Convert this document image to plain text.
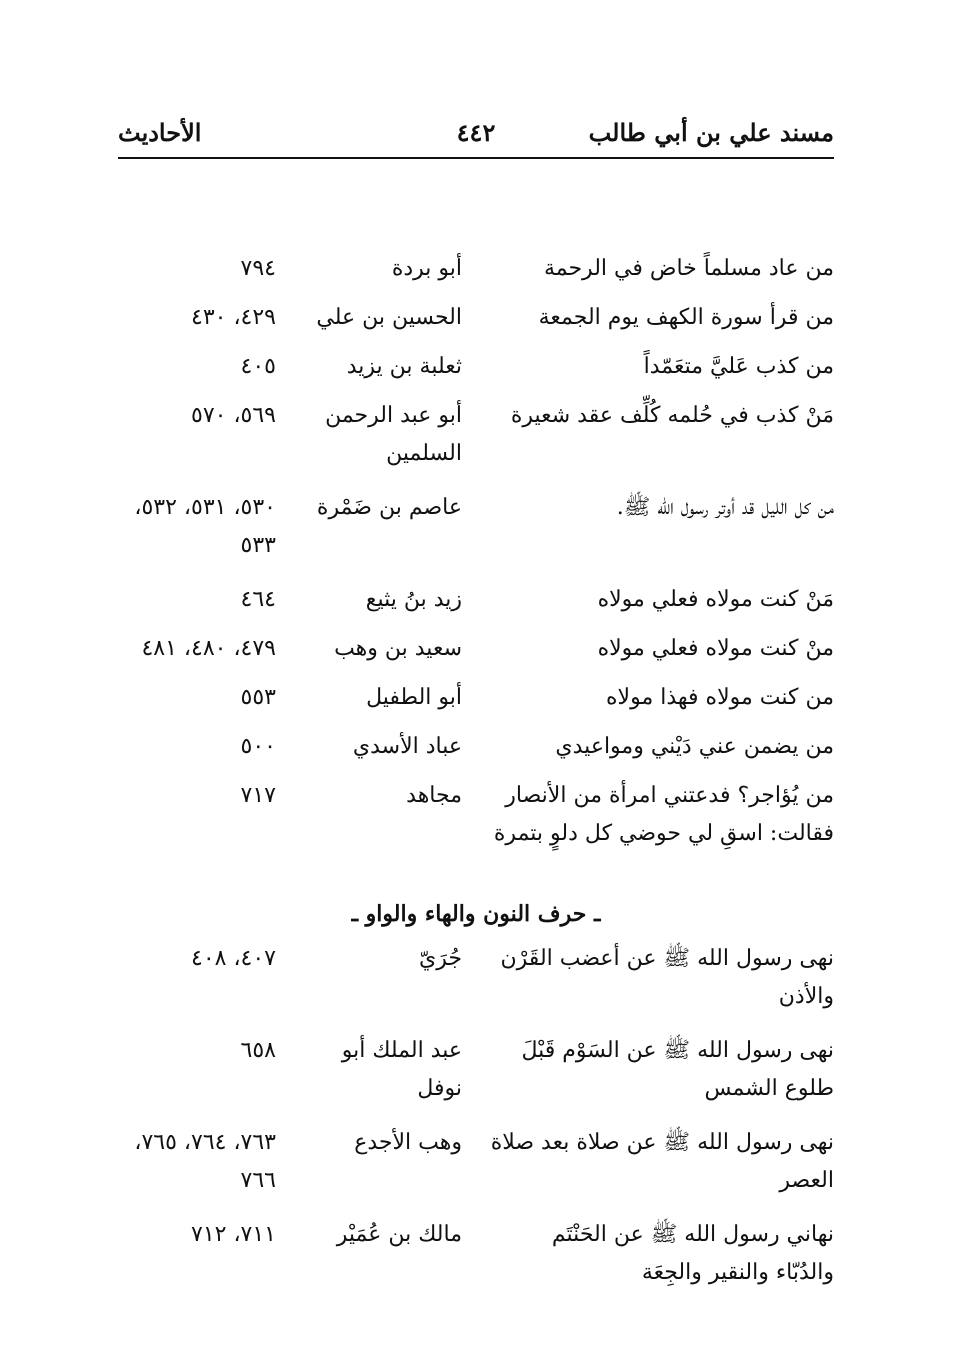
مسند علي بن أبي طالب
٤٤٢
الأحاديث
من عاد مسلماً خاض في الرحمة
أبو بردة
٧٩٤
من قرأ سورة الكهف يوم الجمعة
الحسين بن علي
٤٢٩، ٤٣٠
من كذب عَليَّ متعَمّداً
ثعلبة بن يزيد
٤٠٥
مَنْ كذب في حُلمه كُلِّف عقد شعيرة
أبو عبد الرحمن السلمين
٥٦٩، ٥٧٠
من كل الليل قد أوتر رسول الله ﷺ.
عاصم بن ضَمْرة
٥٣٠، ٥٣١، ٥٣٢، ٥٣٣
مَنْ كنت مولاه فعلي مولاه
زيد بنُ يثيع
٤٦٤
منْ كنت مولاه فعلي مولاه
سعيد بن وهب
٤٧٩، ٤٨٠، ٤٨١
من كنت مولاه فهذا مولاه
أبو الطفيل
٥٥٣
من يضمن عني دَيْني ومواعيدي
عباد الأسدي
٥٠٠
من يُؤاجر؟ فدعتني امرأة من الأنصار فقالت: اسقِ لي حوضي كل دلوٍ بتمرة
مجاهد
٧١٧
ـ حرف النون والهاء والواو ـ
نهى رسول الله ﷺ عن أعضب القَرْن والأذن
جُرَيّ
٤٠٧، ٤٠٨
نهى رسول الله ﷺ عن السَوْم قَبْلَ طلوع الشمس
عبد الملك أبو نوفل
٦٥٨
نهى رسول الله ﷺ عن صلاة بعد صلاة العصر
وهب الأجدع
٧٦٣، ٧٦٤، ٧٦٥، ٧٦٦
نهاني رسول الله ﷺ عن الحَنْتَم والدُبّاء والنقير والجِعَة
مالك بن عُمَيْر
٧١١، ٧١٢
